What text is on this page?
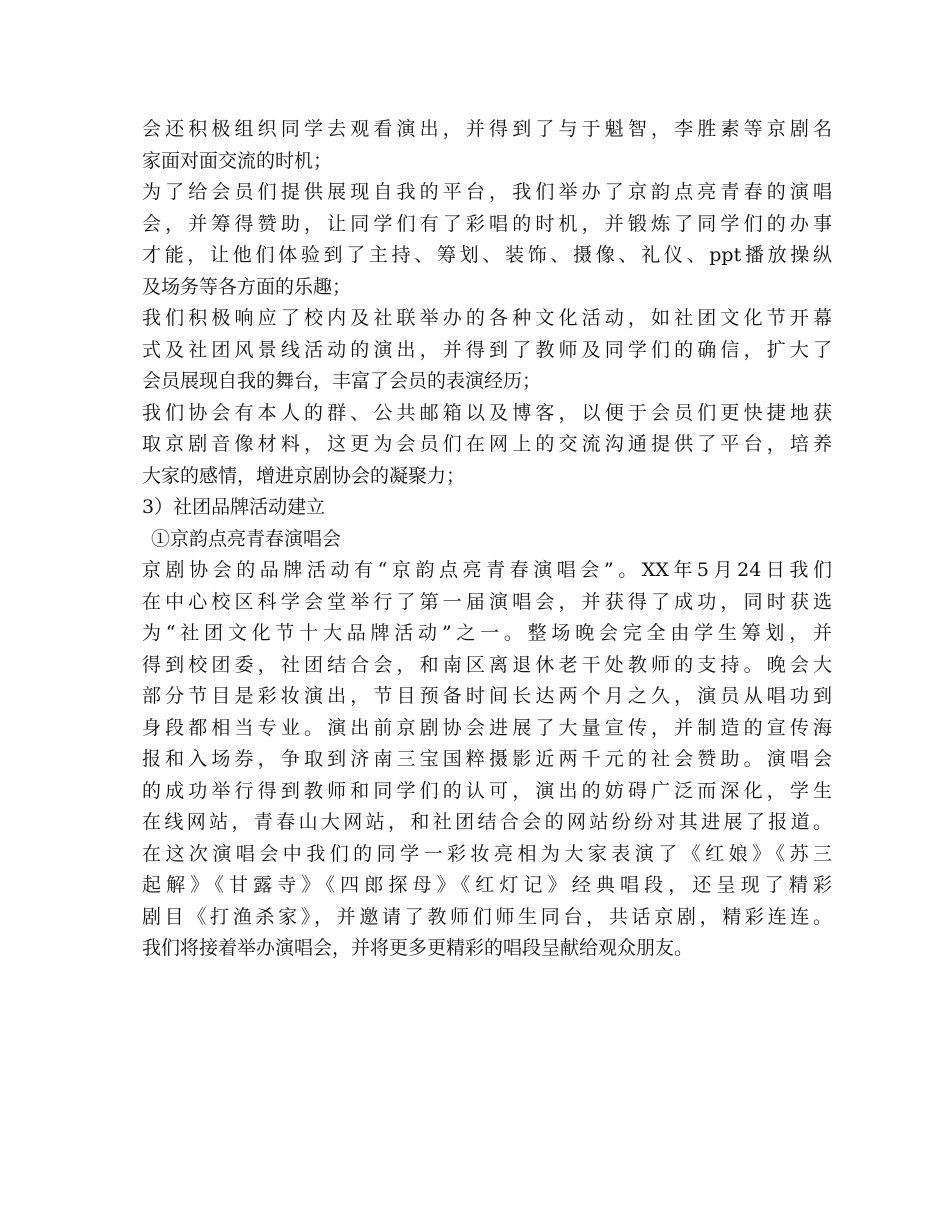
会还积极组织同学去观看演出，并得到了与于魁智，李胜素等京剧名
家面对面交流的时机；
为了给会员们提供展现自我的平台，我们举办了京韵点亮青春的演唱
会，并筹得赞助，让同学们有了彩唱的时机，并锻炼了同学们的办事
才能，让他们体验到了主持、筹划、装饰、摄像、礼仪、ppt播放操纵
及场务等各方面的乐趣；
我们积极响应了校内及社联举办的各种文化活动，如社团文化节开幕
式及社团风景线活动的演出，并得到了教师及同学们的确信，扩大了
会员展现自我的舞台，丰富了会员的表演经历；
我们协会有本人的群、公共邮箱以及博客，以便于会员们更快捷地获
取京剧音像材料，这更为会员们在网上的交流沟通提供了平台，培养
大家的感情，增进京剧协会的凝聚力；
3）社团品牌活动建立
①京韵点亮青春演唱会
京剧协会的品牌活动有“京韵点亮青春演唱会”。XX年5月24日我们
在中心校区科学会堂举行了第一届演唱会，并获得了成功，同时获选
为“社团文化节十大品牌活动”之一。整场晚会完全由学生筹划，并
得到校团委，社团结合会，和南区离退休老干处教师的支持。晚会大
部分节目是彩妆演出，节目预备时间长达两个月之久，演员从唱功到
身段都相当专业。演出前京剧协会进展了大量宣传，并制造的宣传海
报和入场券，争取到济南三宝国粹摄影近两千元的社会赞助。演唱会
的成功举行得到教师和同学们的认可，演出的妨碍广泛而深化，学生
在线网站，青春山大网站，和社团结合会的网站纷纷对其进展了报道。
在这次演唱会中我们的同学一彩妆亮相为大家表演了《红娘》《苏三
起解》《甘露寺》《四郎探母》《红灯记》经典唱段，还呈现了精彩
剧目《打渔杀家》，并邀请了教师们师生同台，共话京剧，精彩连连。
我们将接着举办演唱会，并将更多更精彩的唱段呈献给观众朋友。
